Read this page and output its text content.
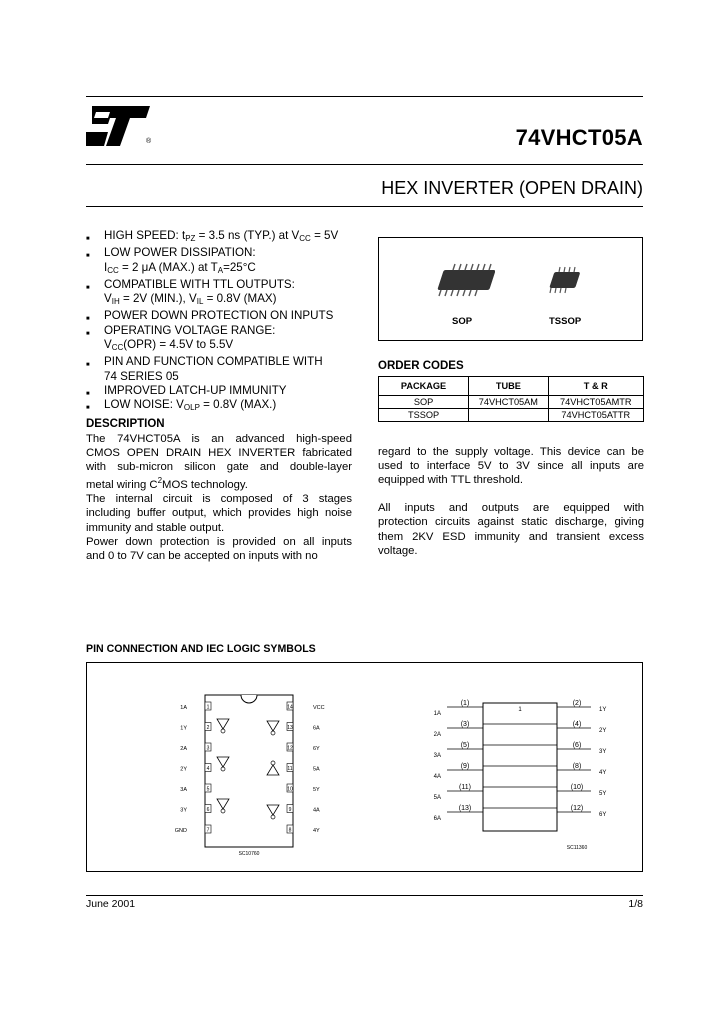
®	74VHCT05A
HEX INVERTER (OPEN DRAIN)
■ HIGH SPEED: $t_{PZ} = 3.5$ ns (TYP.) at $V_{CC} = 5V$
■ LOW POWER DISSIPATION:
$I_{CC} = 2$ μA (MAX.) at $T_A=25^\circ C$
■ COMPATIBLE WITH TTL OUTPUTS:
$V_{IH} = 2V$ (MIN.), $V_{IL} = 0.8V$ (MAX)
■ POWER DOWN PROTECTION ON INPUTS
■ OPERATING VOLTAGE RANGE:
$V_{CC}(OPR) = 4.5V$ to 5.5V
■ PIN AND FUNCTION COMPATIBLE WITH
74 SERIES 05
■ IMPROVED LATCH-UP IMMUNITY
■ LOW NOISE: $V_{OLP} = 0.8V$ (MAX.)
SOP	TSSOP
ORDER CODES
PACKAGE	TUBE	T & R
SOP	74VHCT05AM	74VHCT05AMTR
TSSOP		74VHCT05ATTR
DESCRIPTION
The 74VHCT05A is an advanced high-speed
CMOS OPEN DRAIN HEX INVERTER fabricated
with sub-micron silicon gate and double-layer
metal wiring $C^2MOS$ technology.
The internal circuit is composed of 3 stages
including buffer output, which provides high noise
immunity and stable output.
Power down protection is provided on all inputs
and 0 to 7V can be accepted on inputs with no
regard to the supply voltage. This device can be
used to interface 5V to 3V since all inputs are
equipped with TTL threshold.

All inputs and outputs are equipped with
protection circuits against static discharge, giving
them 2KV ESD immunity and transient excess
voltage.
PIN CONNECTION AND IEC LOGIC SYMBOLS
1A	1	VCC
14
1Y	2	6A
13
2A	3	6Y
12
2Y	4	5A
11
3A	5	5Y
10
3Y	6	4A
9
GND	7	4Y
8
SC10760
1
1A
(1)	(2)
1Y
2A
(3)	(4)
2Y
3A
(5)	(6)
3Y
4A
(9)	(8)
4Y
5A
(11)	(10)
5Y
6A
(13)	(12)
6Y
SC11360
June 2001	1/8
